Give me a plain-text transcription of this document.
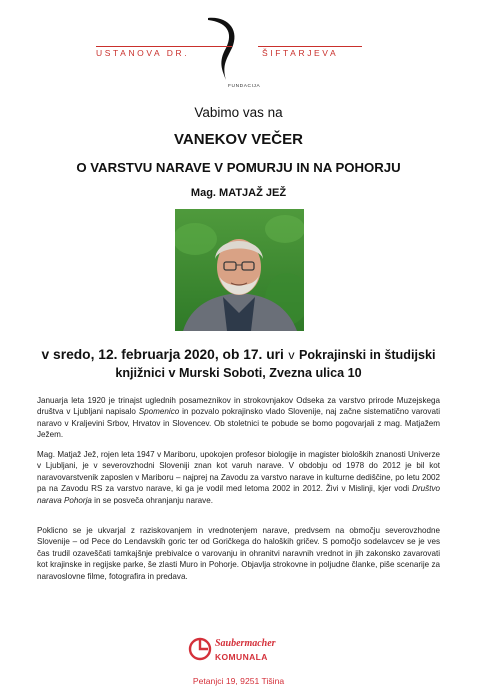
USTANOVA DR.	ŠIFTARJEVA
FUNDACIJA
Vabimo vas na
VANEKOV VEČER
O VARSTVU NARAVE V POMURJU IN NA POHORJU
Mag. MATJAŽ JEŽ
v sredo, 12. februarja 2020, ob 17. uri v Pokrajinski in študijski
knjižnici v Murski Soboti, Zvezna ulica 10

Januarja leta 1920 je trinajst uglednih posameznikov in strokovnjakov Odseka za varstvo prirode Muzejskega društva v Ljubljani napisalo Spomenico in pozvalo pokrajinsko vlado Slovenije, naj začne sistematično varovati naravo v Kraljevini Srbov, Hrvatov in Slovencev. Ob stoletnici te pobude se bomo pogovarjali z mag. Matjažem Ježem.

Mag. Matjaž Jež, rojen leta 1947 v Mariboru, upokojen profesor biologije in magister bioloških znanosti Univerze v Ljubljani, je v severovzhodni Sloveniji znan kot varuh narave. V obdobju od 1978 do 2012 je bil kot naravovarstvenik zaposlen v Mariboru – najprej na Zavodu za varstvo narave in kulturne dediščine, po letu 2002 pa na Zavodu RS za varstvo narave, ki ga je vodil med letoma 2002 in 2012. Živi v Mislinji, kjer vodi Društvo narava Pohorja in se posveča ohranjanju narave.

Poklicno se je ukvarjal z raziskovanjem in vrednotenjem narave, predvsem na območju severovzhodne Slovenije – od Pece do Lendavskih goric ter od Goričkega do haloških gričev. S pomočjo sodelavcev se je ves čas trudil ozaveščati tamkajšnje prebivalce o varovanju in ohranitvi naravnih vrednot in jih zakonsko zavarovati kot krajinske in regijske parke, še zlasti Muro in Pohorje. Objavlja strokovne in poljudne članke, piše scenarije za naravoslovne filme, fotografira in predava.

Saubermacher
KOMUNALA
Petanjci 19, 9251 Tišina
